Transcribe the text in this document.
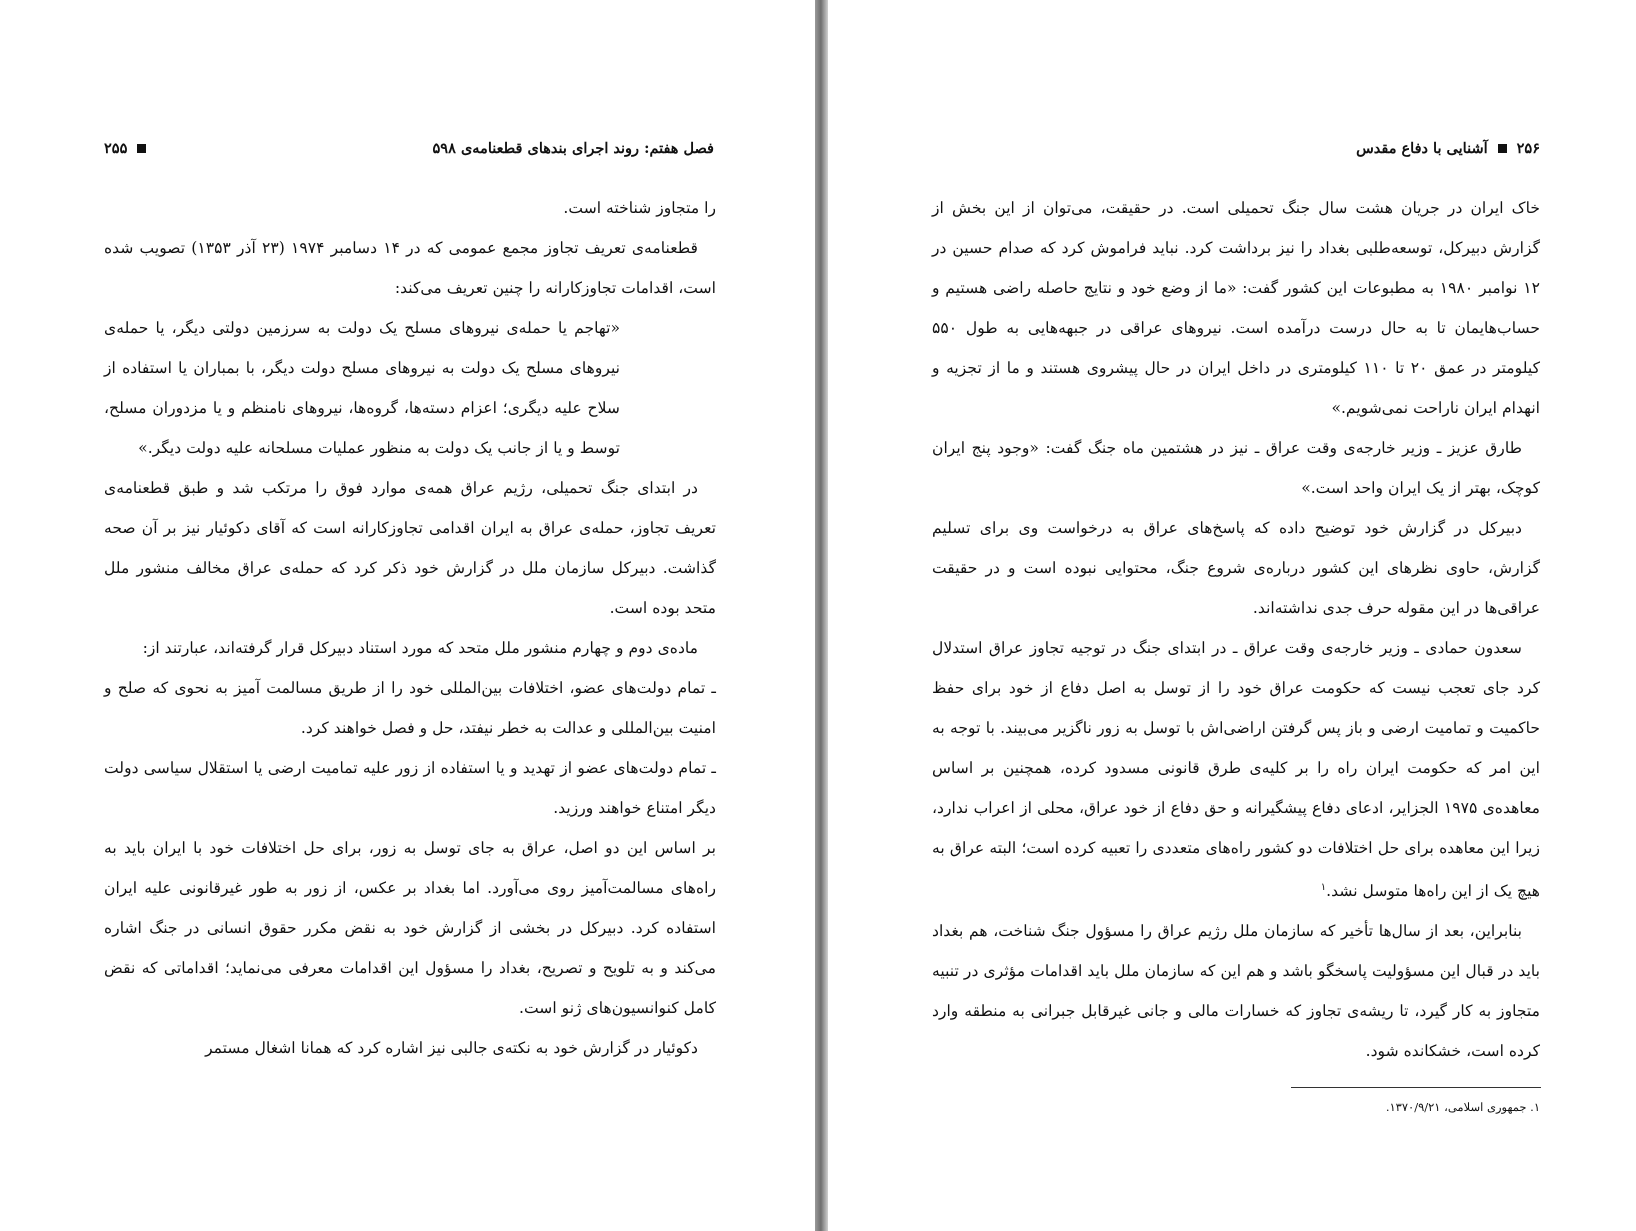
فصل هفتم: روند اجرای بندهای قطعنامه‌ی ۵۹۸
۲۵۵

را متجاوز شناخته است.

قطعنامه‌ی تعریف تجاوز مجمع عمومی که در ۱۴ دسامبر ۱۹۷۴ (۲۳ آذر ۱۳۵۳) تصویب شده است، اقدامات تجاوزکارانه را چنین تعریف می‌کند:

«تهاجم یا حمله‌ی نیروهای مسلح یک دولت به سرزمین دولتی دیگر، یا حمله‌ی نیروهای مسلح یک دولت به نیروهای مسلح دولت دیگر، با بمباران یا استفاده از سلاح علیه دیگری؛ اعزام دسته‌ها، گروه‌ها، نیروهای نامنظم و یا مزدوران مسلح، توسط و یا از جانب یک دولت به منظور عملیات مسلحانه علیه دولت دیگر.»

در ابتدای جنگ تحمیلی، رژیم عراق همه‌ی موارد فوق را مرتکب شد و طبق قطعنامه‌ی تعریف تجاوز، حمله‌ی عراق به ایران اقدامی تجاوزکارانه است که آقای دکوئیار نیز بر آن صحه گذاشت. دبیرکل سازمان ملل در گزارش خود ذکر کرد که حمله‌ی عراق مخالف منشور ملل متحد بوده است.

ماده‌ی دوم و چهارم منشور ملل متحد که مورد استناد دبیرکل قرار گرفته‌اند، عبارتند از:

ـ تمام دولت‌های عضو، اختلافات بین‌المللی خود را از طریق مسالمت آمیز به نحوی که صلح و امنیت بین‌المللی و عدالت به خطر نیفتد، حل و فصل خواهند کرد.

ـ تمام دولت‌های عضو از تهدید و یا استفاده از زور علیه تمامیت ارضی یا استقلال سیاسی دولت دیگر امتناع خواهند ورزید.

بر اساس این دو اصل، عراق به جای توسل به زور، برای حل اختلافات خود با ایران باید به راه‌های مسالمت‌آمیز روی می‌آورد. اما بغداد بر عکس، از زور به طور غیرقانونی علیه ایران استفاده کرد. دبیرکل در بخشی از گزارش خود به نقض مکرر حقوق انسانی در جنگ اشاره می‌کند و به تلویح و تصریح، بغداد را مسؤول این اقدامات معرفی می‌نماید؛ اقداماتی که نقض کامل کنوانسیون‌های ژنو است.

دکوئیار در گزارش خود به نکته‌ی جالبی نیز اشاره کرد که همانا اشغال مستمر

۲۵۶
آشنایی با دفاع مقدس

خاک ایران در جریان هشت سال جنگ تحمیلی است. در حقیقت، می‌توان از این بخش از گزارش دبیرکل، توسعه‌طلبی بغداد را نیز برداشت کرد. نباید فراموش کرد که صدام حسین در ۱۲ نوامبر ۱۹۸۰ به مطبوعات این کشور گفت: «ما از وضع خود و نتایج حاصله راضی هستیم و حساب‌هایمان تا به حال درست درآمده است. نیروهای عراقی در جبهه‌هایی به طول ۵۵۰ کیلومتر در عمق ۲۰ تا ۱۱۰ کیلومتری در داخل ایران در حال پیشروی هستند و ما از تجزیه و انهدام ایران ناراحت نمی‌شویم.»

طارق عزیز ـ وزیر خارجه‌ی وقت عراق ـ نیز در هشتمین ماه جنگ گفت: «وجود پنج ایران کوچک، بهتر از یک ایران واحد است.»

دبیرکل در گزارش خود توضیح داده که پاسخ‌های عراق به درخواست وی برای تسلیم گزارش، حاوی نظرهای این کشور درباره‌ی شروع جنگ، محتوایی نبوده است و در حقیقت عراقی‌ها در این مقوله حرف جدی نداشته‌اند.

سعدون حمادی ـ وزیر خارجه‌ی وقت عراق ـ در ابتدای جنگ در توجیه تجاوز عراق استدلال کرد جای تعجب نیست که حکومت عراق خود را از توسل به اصل دفاع از خود برای حفظ حاکمیت و تمامیت ارضی و باز پس گرفتن اراضی‌اش با توسل به زور ناگزیر می‌بیند. با توجه به این امر که حکومت ایران راه را بر کلیه‌ی طرق قانونی مسدود کرده، همچنین بر اساس معاهده‌ی ۱۹۷۵ الجزایر، ادعای دفاع پیشگیرانه و حق دفاع از خود عراق، محلی از اعراب ندارد، زیرا این معاهده برای حل اختلافات دو کشور راه‌های متعددی را تعبیه کرده است؛ البته عراق به هیچ یک از این راه‌ها متوسل نشد.$^۱$

بنابراین، بعد از سال‌ها تأخیر که سازمان ملل رژیم عراق را مسؤول جنگ شناخت، هم بغداد باید در قبال این مسؤولیت پاسخگو باشد و هم این که سازمان ملل باید اقدامات مؤثری در تنبیه متجاوز به کار گیرد، تا ریشه‌ی تجاوز که خسارات مالی و جانی غیرقابل جبرانی به منطقه وارد کرده است، خشکانده شود.

۱. جمهوری اسلامی، ۱۳۷۰/۹/۲۱.
